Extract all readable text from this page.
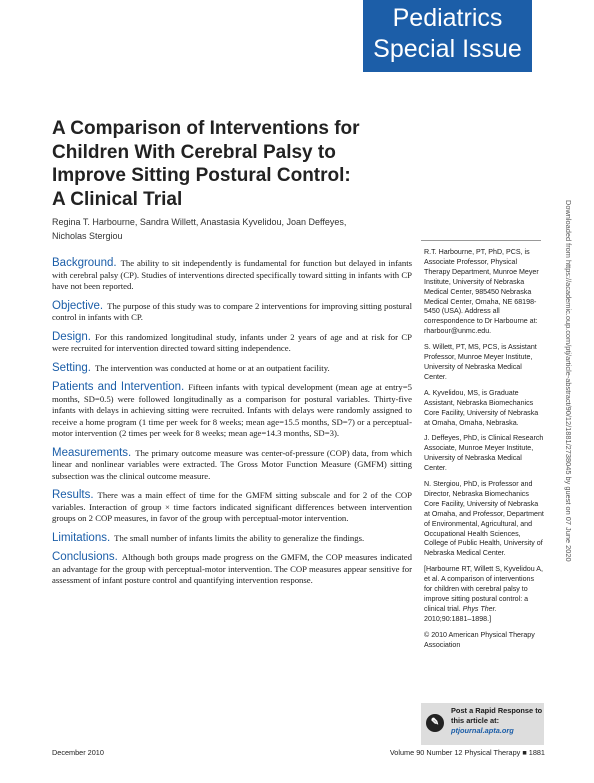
Pediatrics
Special Issue
A Comparison of Interventions for
Children With Cerebral Palsy to
Improve Sitting Postural Control:
A Clinical Trial
Regina T. Harbourne, Sandra Willett, Anastasia Kyvelidou, Joan Deffeyes,
Nicholas Stergiou

Background. The ability to sit independently is fundamental for function but delayed in infants with cerebral palsy (CP). Studies of interventions directed specifically toward sitting in infants with CP have not been reported.

Objective. The purpose of this study was to compare 2 interventions for improving sitting postural control in infants with CP.

Design. For this randomized longitudinal study, infants under 2 years of age and at risk for CP were recruited for intervention directed toward sitting independence.

Setting. The intervention was conducted at home or at an outpatient facility.

Patients and Intervention. Fifteen infants with typical development (mean age at entry=5 months, SD=0.5) were followed longitudinally as a comparison for postural variables. Thirty-five infants with delays in achieving sitting were recruited. Infants with delays were randomly assigned to receive a home program (1 time per week for 8 weeks; mean age=15.5 months, SD=7) or a perceptual-motor intervention (2 times per week for 8 weeks; mean age=14.3 months, SD=3).

Measurements. The primary outcome measure was center-of-pressure (COP) data, from which linear and nonlinear variables were extracted. The Gross Motor Function Measure (GMFM) sitting subsection was the clinical outcome measure.

Results. There was a main effect of time for the GMFM sitting subscale and for 2 of the COP variables. Interaction of group × time factors indicated significant differences between intervention groups on 2 COP measures, in favor of the group with perceptual-motor intervention.

Limitations. The small number of infants limits the ability to generalize the findings.

Conclusions. Although both groups made progress on the GMFM, the COP measures indicated an advantage for the group with perceptual-motor intervention. The COP measures appear sensitive for assessment of infant posture control and quantifying intervention response.

R.T. Harbourne, PT, PhD, PCS, is Associate Professor, Physical Therapy Department, Munroe Meyer Institute, University of Nebraska Medical Center, 985450 Nebraska Medical Center, Omaha, NE 68198-5450 (USA). Address all correspondence to Dr Harbourne at: rharbour@unmc.edu.

S. Willett, PT, MS, PCS, is Assistant Professor, Munroe Meyer Institute, University of Nebraska Medical Center.

A. Kyvelidou, MS, is Graduate Assistant, Nebraska Biomechanics Core Facility, University of Nebraska at Omaha, Omaha, Nebraska.

J. Deffeyes, PhD, is Clinical Research Associate, Munroe Meyer Institute, University of Nebraska Medical Center.

N. Stergiou, PhD, is Professor and Director, Nebraska Biomechanics Core Facility, University of Nebraska at Omaha, and Professor, Department of Environmental, Agricultural, and Occupational Health Sciences, College of Public Health, University of Nebraska Medical Center.

[Harbourne RT, Willett S, Kyvelidou A, et al. A comparison of interventions for children with cerebral palsy to improve sitting postural control: a clinical trial. Phys Ther. 2010;90:1881–1898.]

© 2010 American Physical Therapy Association

Downloaded from https://academic.oup.com/ptj/article-abstract/90/12/1881/2738045 by guest on 07 June 2020
✎
Post a Rapid Response to
this article at:
ptjournal.apta.org
December 2010	Volume 90 Number 12 Physical Therapy ■ 1881
